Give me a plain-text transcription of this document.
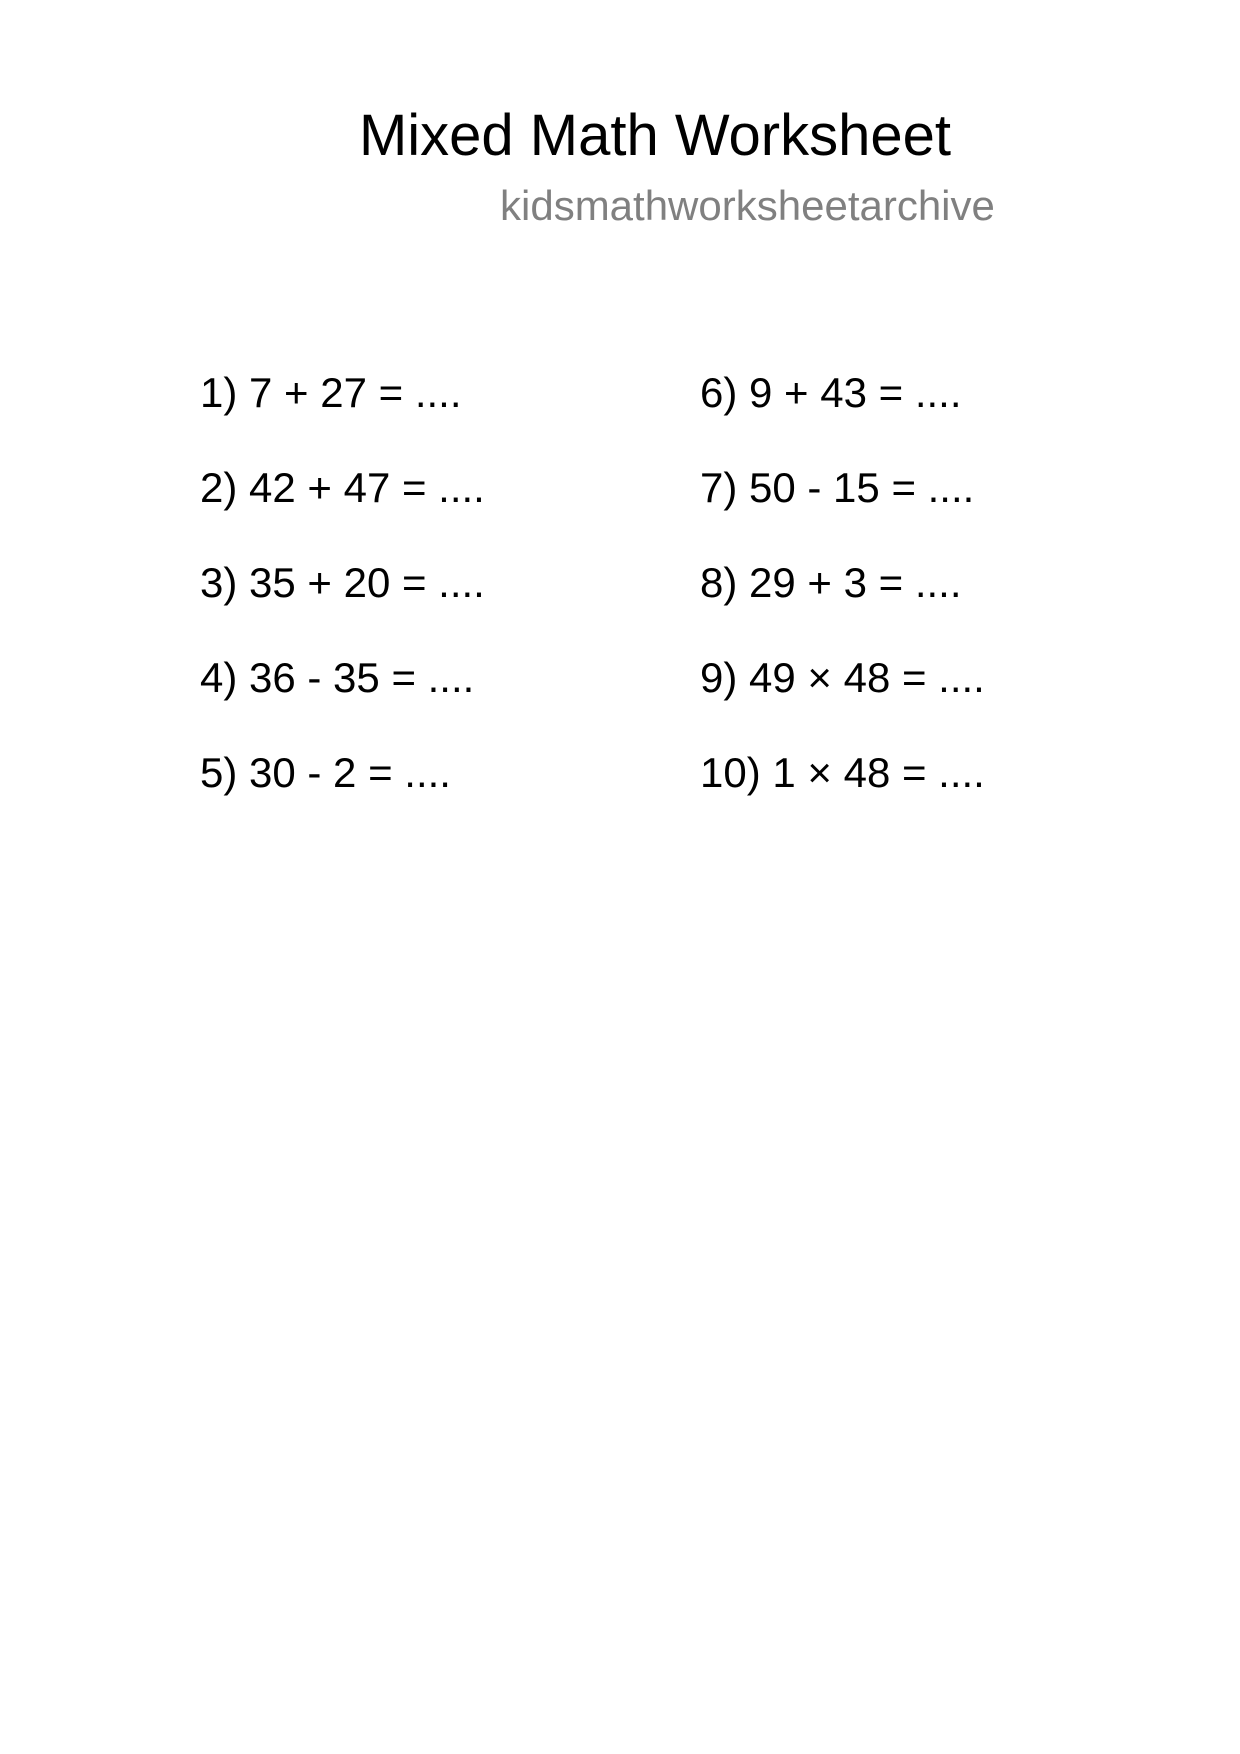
Mixed Math Worksheet
kidsmathworksheetarchive
1) 7 + 27 = ....
2) 42 + 47 = ....
3) 35 + 20 = ....
4) 36 - 35 = ....
5) 30 - 2 = ....
6) 9 + 43 = ....
7) 50 - 15 = ....
8) 29 + 3 = ....
9) 49 × 48 = ....
10) 1 × 48 = ....
